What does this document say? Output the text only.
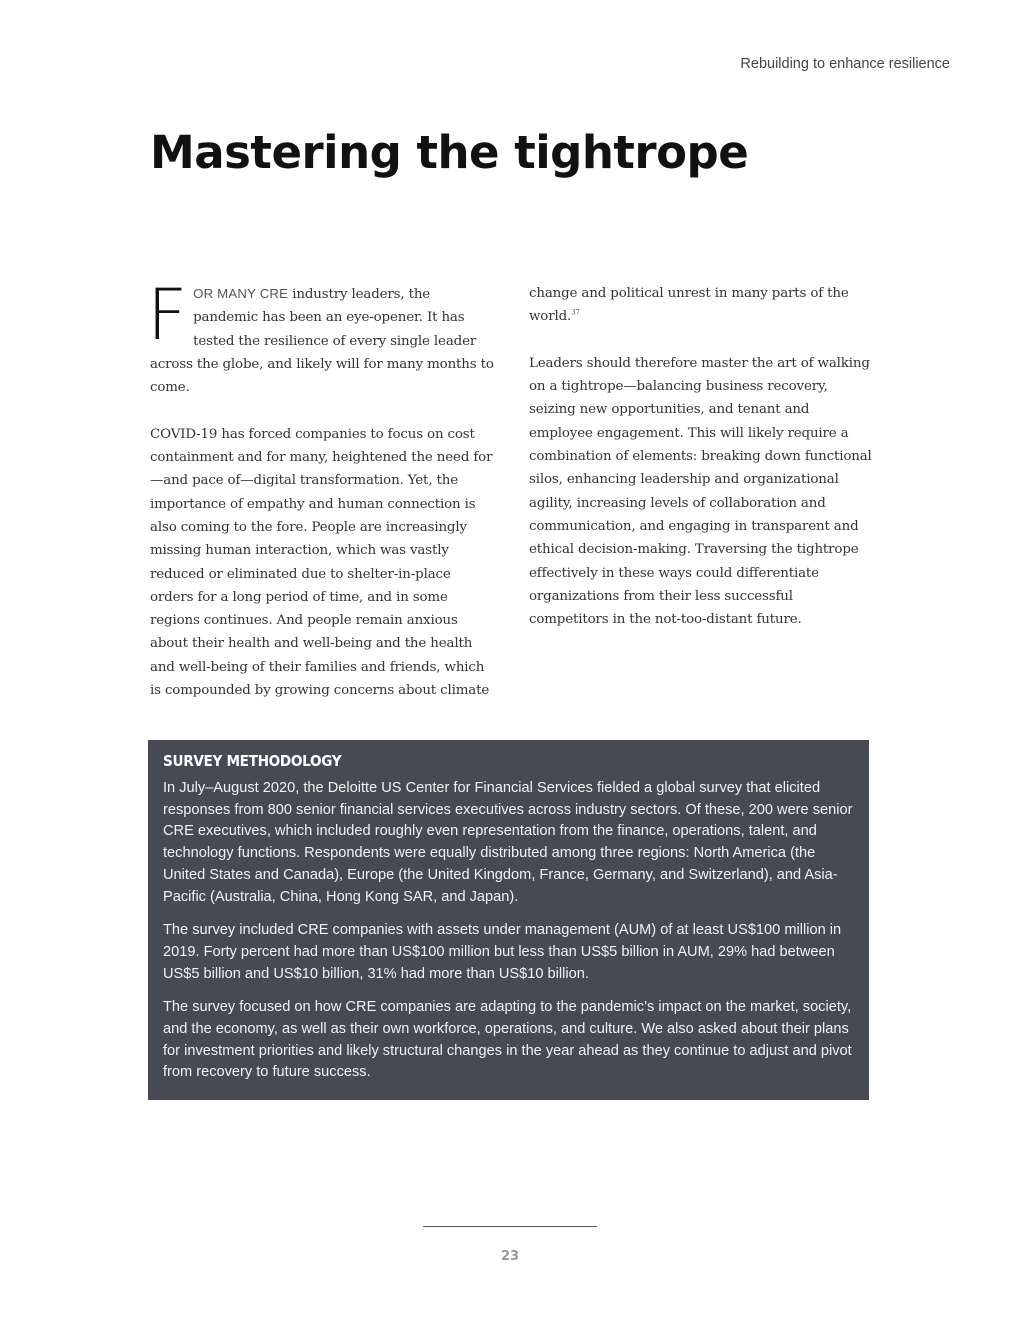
Rebuilding to enhance resilience
Mastering the tightrope

FOR MANY CRE industry leaders, the pandemic has been an eye-opener. It has tested the resilience of every single leader across the globe, and likely will for many months to come.

COVID-19 has forced companies to focus on cost containment and for many, heightened the need for—and pace of—digital transformation. Yet, the importance of empathy and human connection is also coming to the fore. People are increasingly missing human interaction, which was vastly reduced or eliminated due to shelter-in-place orders for a long period of time, and in some regions continues. And people remain anxious about their health and well-being and the health and well-being of their families and friends, which is compounded by growing concerns about climate

change and political unrest in many parts of the world.$^{37}$

Leaders should therefore master the art of walking on a tightrope—balancing business recovery, seizing new opportunities, and tenant and employee engagement. This will likely require a combination of elements: breaking down functional silos, enhancing leadership and organizational agility, increasing levels of collaboration and communication, and engaging in transparent and ethical decision-making. Traversing the tightrope effectively in these ways could differentiate organizations from their less successful competitors in the not-too-distant future.

SURVEY METHODOLOGY

In July–August 2020, the Deloitte US Center for Financial Services fielded a global survey that elicited responses from 800 senior financial services executives across industry sectors. Of these, 200 were senior CRE executives, which included roughly even representation from the finance, operations, talent, and technology functions. Respondents were equally distributed among three regions: North America (the United States and Canada), Europe (the United Kingdom, France, Germany, and Switzerland), and Asia-Pacific (Australia, China, Hong Kong SAR, and Japan).

The survey included CRE companies with assets under management (AUM) of at least US$100 million in 2019. Forty percent had more than US$100 million but less than US$5 billion in AUM, 29% had between US$5 billion and US$10 billion, 31% had more than US$10 billion.

The survey focused on how CRE companies are adapting to the pandemic’s impact on the market, society, and the economy, as well as their own workforce, operations, and culture. We also asked about their plans for investment priorities and likely structural changes in the year ahead as they continue to adjust and pivot from recovery to future success.

23
